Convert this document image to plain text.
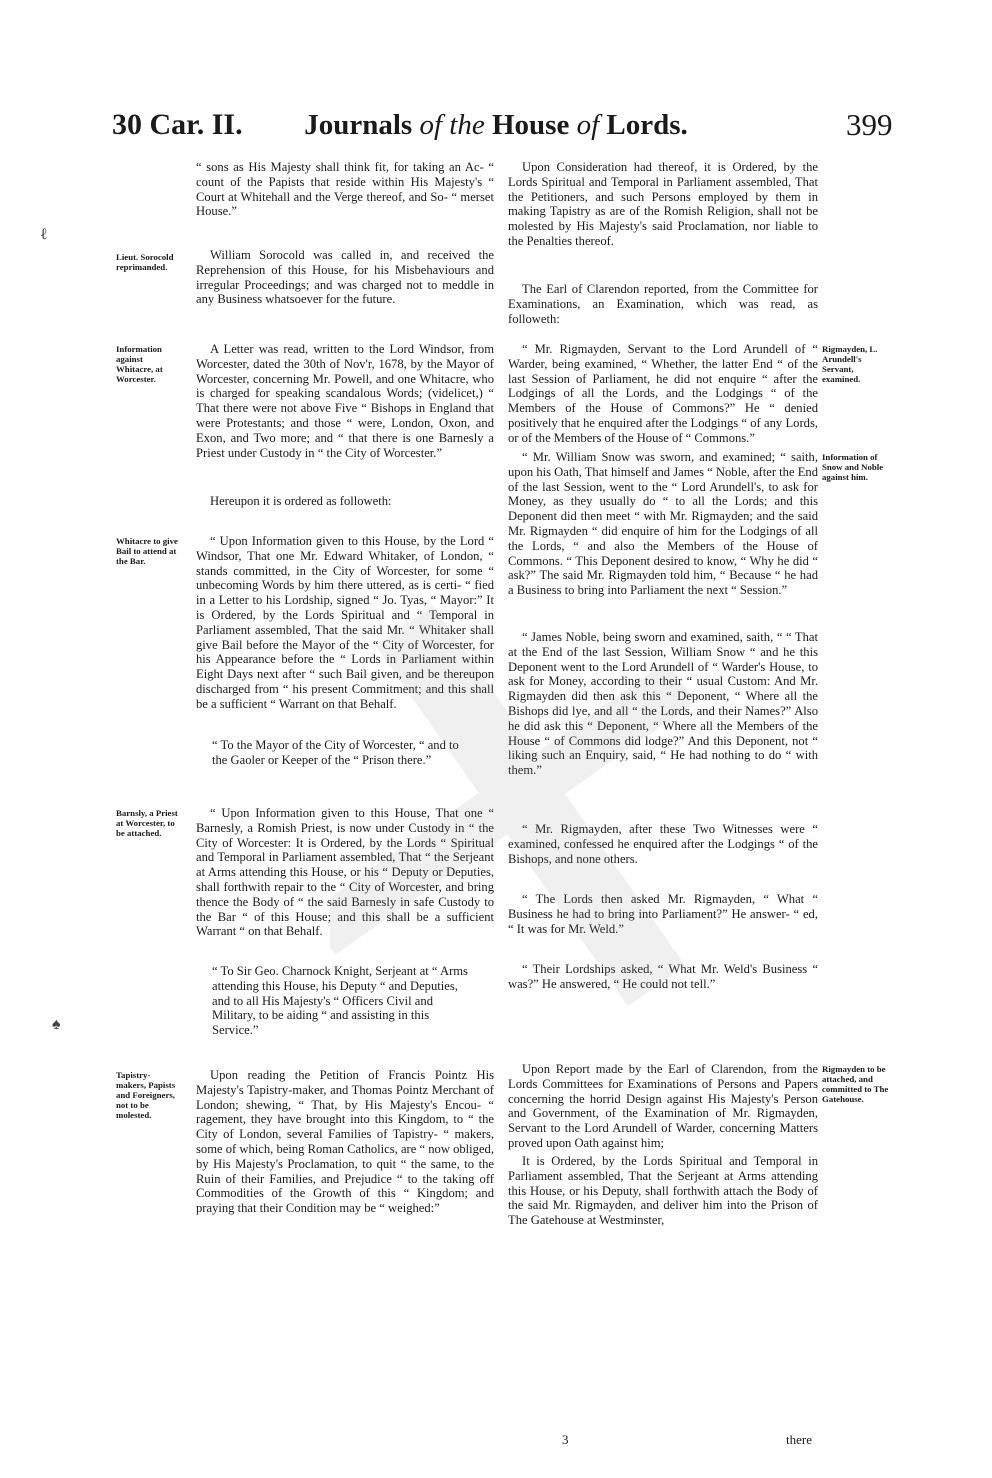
30 Car. II.	Journals of the House of Lords.	399
ℓ
♠
Lieut. Sorocold reprimanded.
Information against Whitacre, at Worcester.
Whitacre to give Bail to attend at the Bar.
Barnsly, a Priest at Worcester, to be attached.
Tapistry-makers, Papists and Foreigners, not to be molested.
Rigmayden, L. Arundell's Servant, examined.
Information of Snow and Noble against him.
Rigmayden to be attached, and committed to The Gatehouse.
“ sons as His Majesty shall think fit, for taking an Ac- “ count of the Papists that reside within His Majesty's “ Court at Whitehall and the Verge thereof, and So- “ merset House.”
William Sorocold was called in, and received the Reprehension of this House, for his Misbehaviours and irregular Proceedings; and was charged not to meddle in any Business whatsoever for the future.
A Letter was read, written to the Lord Windsor, from Worcester, dated the 30th of Nov'r, 1678, by the Mayor of Worcester, concerning Mr. Powell, and one Whitacre, who is charged for speaking scandalous Words; (videlicet,) “ That there were not above Five “ Bishops in England that were Protestants; and those “ were, London, Oxon, and Exon, and Two more; and “ that there is one Barnesly a Priest under Custody in “ the City of Worcester.”
Hereupon it is ordered as followeth:
“ Upon Information given to this House, by the Lord “ Windsor, That one Mr. Edward Whitaker, of London, “ stands committed, in the City of Worcester, for some “ unbecoming Words by him there uttered, as is certi- “ fied in a Letter to his Lordship, signed “ Jo. Tyas, “ Mayor:” It is Ordered, by the Lords Spiritual and “ Temporal in Parliament assembled, That the said Mr. “ Whitaker shall give Bail before the Mayor of the “ City of Worcester, for his Appearance before the “ Lords in Parliament within Eight Days next after “ such Bail given, and be thereupon discharged from “ his present Commitment; and this shall be a sufficient “ Warrant on that Behalf.
“ To the Mayor of the City of Worcester, “ and to the Gaoler or Keeper of the “ Prison there.”
“ Upon Information given to this House, That one “ Barnesly, a Romish Priest, is now under Custody in “ the City of Worcester: It is Ordered, by the Lords “ Spiritual and Temporal in Parliament assembled, That “ the Serjeant at Arms attending this House, or his “ Deputy or Deputies, shall forthwith repair to the “ City of Worcester, and bring thence the Body of “ the said Barnesly in safe Custody to the Bar “ of this House; and this shall be a sufficient Warrant “ on that Behalf.
“ To Sir Geo. Charnock Knight, Serjeant at “ Arms attending this House, his Deputy “ and Deputies, and to all His Majesty's “ Officers Civil and Military, to be aiding “ and assisting in this Service.”
Upon reading the Petition of Francis Pointz His Majesty's Tapistry-maker, and Thomas Pointz Merchant of London; shewing, “ That, by His Majesty's Encou- “ ragement, they have brought into this Kingdom, to “ the City of London, several Families of Tapistry- “ makers, some of which, being Roman Catholics, are “ now obliged, by His Majesty's Proclamation, to quit “ the same, to the Ruin of their Families, and Prejudice “ to the taking off Commodities of the Growth of this “ Kingdom; and praying that their Condition may be “ weighed:”
Upon Consideration had thereof, it is Ordered, by the Lords Spiritual and Temporal in Parliament assembled, That the Petitioners, and such Persons employed by them in making Tapistry as are of the Romish Religion, shall not be molested by His Majesty's said Proclamation, nor liable to the Penalties thereof.
The Earl of Clarendon reported, from the Committee for Examinations, an Examination, which was read, as followeth:
“ Mr. Rigmayden, Servant to the Lord Arundell of “ Warder, being examined, “ Whether, the latter End “ of the last Session of Parliament, he did not enquire “ after the Lodgings of all the Lords, and the Lodgings “ of the Members of the House of Commons?” He “ denied positively that he enquired after the Lodgings “ of any Lords, or of the Members of the House of “ Commons.”
“ Mr. William Snow was sworn, and examined; “ saith, upon his Oath, That himself and James “ Noble, after the End of the last Session, went to the “ Lord Arundell's, to ask for Money, as they usually do “ to all the Lords; and this Deponent did then meet “ with Mr. Rigmayden; and the said Mr. Rigmayden “ did enquire of him for the Lodgings of all the Lords, “ and also the Members of the House of Commons. “ This Deponent desired to know, “ Why he did “ ask?” The said Mr. Rigmayden told him, “ Because “ he had a Business to bring into Parliament the next “ Session.”
“ James Noble, being sworn and examined, saith, “ “ That at the End of the last Session, William Snow “ and he this Deponent went to the Lord Arundell of “ Warder's House, to ask for Money, according to their “ usual Custom: And Mr. Rigmayden did then ask this “ Deponent, “ Where all the Bishops did lye, and all “ the Lords, and their Names?” Also he did ask this “ Deponent, “ Where all the Members of the House “ of Commons did lodge?” And this Deponent, not “ liking such an Enquiry, said, “ He had nothing to do “ with them.”
“ Mr. Rigmayden, after these Two Witnesses were “ examined, confessed he enquired after the Lodgings “ of the Bishops, and none others.
“ The Lords then asked Mr. Rigmayden, “ What “ Business he had to bring into Parliament?” He answer- “ ed, “ It was for Mr. Weld.”
“ Their Lordships asked, “ What Mr. Weld's Business “ was?” He answered, “ He could not tell.”
Upon Report made by the Earl of Clarendon, from the Lords Committees for Examinations of Persons and Papers concerning the horrid Design against His Majesty's Person and Government, of the Examination of Mr. Rigmayden, Servant to the Lord Arundell of Warder, concerning Matters proved upon Oath against him;
It is Ordered, by the Lords Spiritual and Temporal in Parliament assembled, That the Serjeant at Arms attending this House, or his Deputy, shall forthwith attach the Body of the said Mr. Rigmayden, and deliver him into the Prison of The Gatehouse at Westminster,
3	there
